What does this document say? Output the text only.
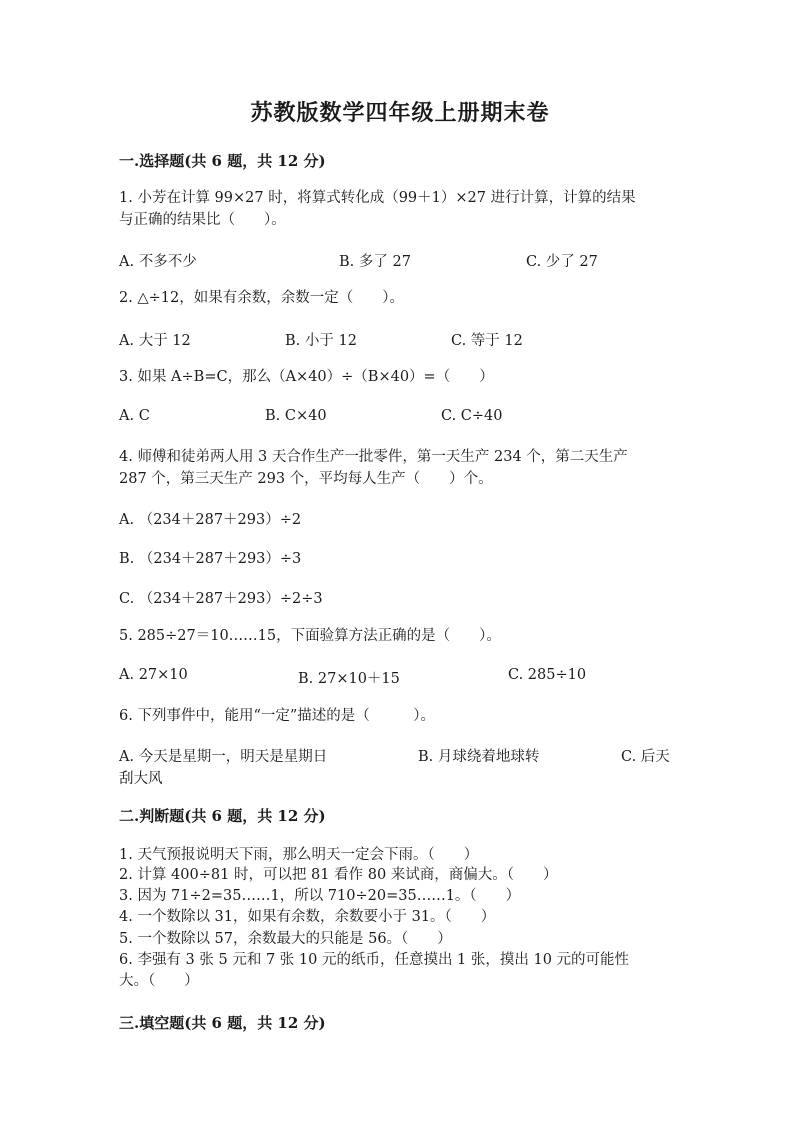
苏教版数学四年级上册期末卷
一.选择题(共 6 题，共 12 分)
1. 小芳在计算 99×27 时，将算式转化成（99＋1）×27 进行计算，计算的结果
与正确的结果比（　　）。
A. 不多不少	B. 多了 27	C. 少了 27
2. △÷12，如果有余数，余数一定（　　）。
A. 大于 12	B. 小于 12	C. 等于 12
3. 如果 A÷B=C，那么（A×40）÷（B×40）=（　　）
A. C	B. C×40	C. C÷40
4. 师傅和徒弟两人用 3 天合作生产一批零件，第一天生产 234 个，第二天生产
287 个，第三天生产 293 个，平均每人生产（　　）个。
A. （234＋287＋293）÷2
B. （234＋287＋293）÷3
C. （234＋287＋293）÷2÷3
5. 285÷27＝10……15，下面验算方法正确的是（　　）。
A. 27×10	B. 27×10＋15	C. 285÷10
6. 下列事件中，能用“一定”描述的是（　　　）。
A. 今天是星期一，明天是星期日	B. 月球绕着地球转	C. 后天
刮大风
二.判断题(共 6 题，共 12 分)
1. 天气预报说明天下雨，那么明天一定会下雨。（　　）
2. 计算 400÷81 时，可以把 81 看作 80 来试商，商偏大。（　　）
3. 因为 71÷2=35……1，所以 710÷20=35……1。（　　）
4. 一个数除以 31，如果有余数，余数要小于 31。（　　）
5. 一个数除以 57，余数最大的只能是 56。（　　）
6. 李强有 3 张 5 元和 7 张 10 元的纸币，任意摸出 1 张，摸出 10 元的可能性
大。（　　）
三.填空题(共 6 题，共 12 分)
